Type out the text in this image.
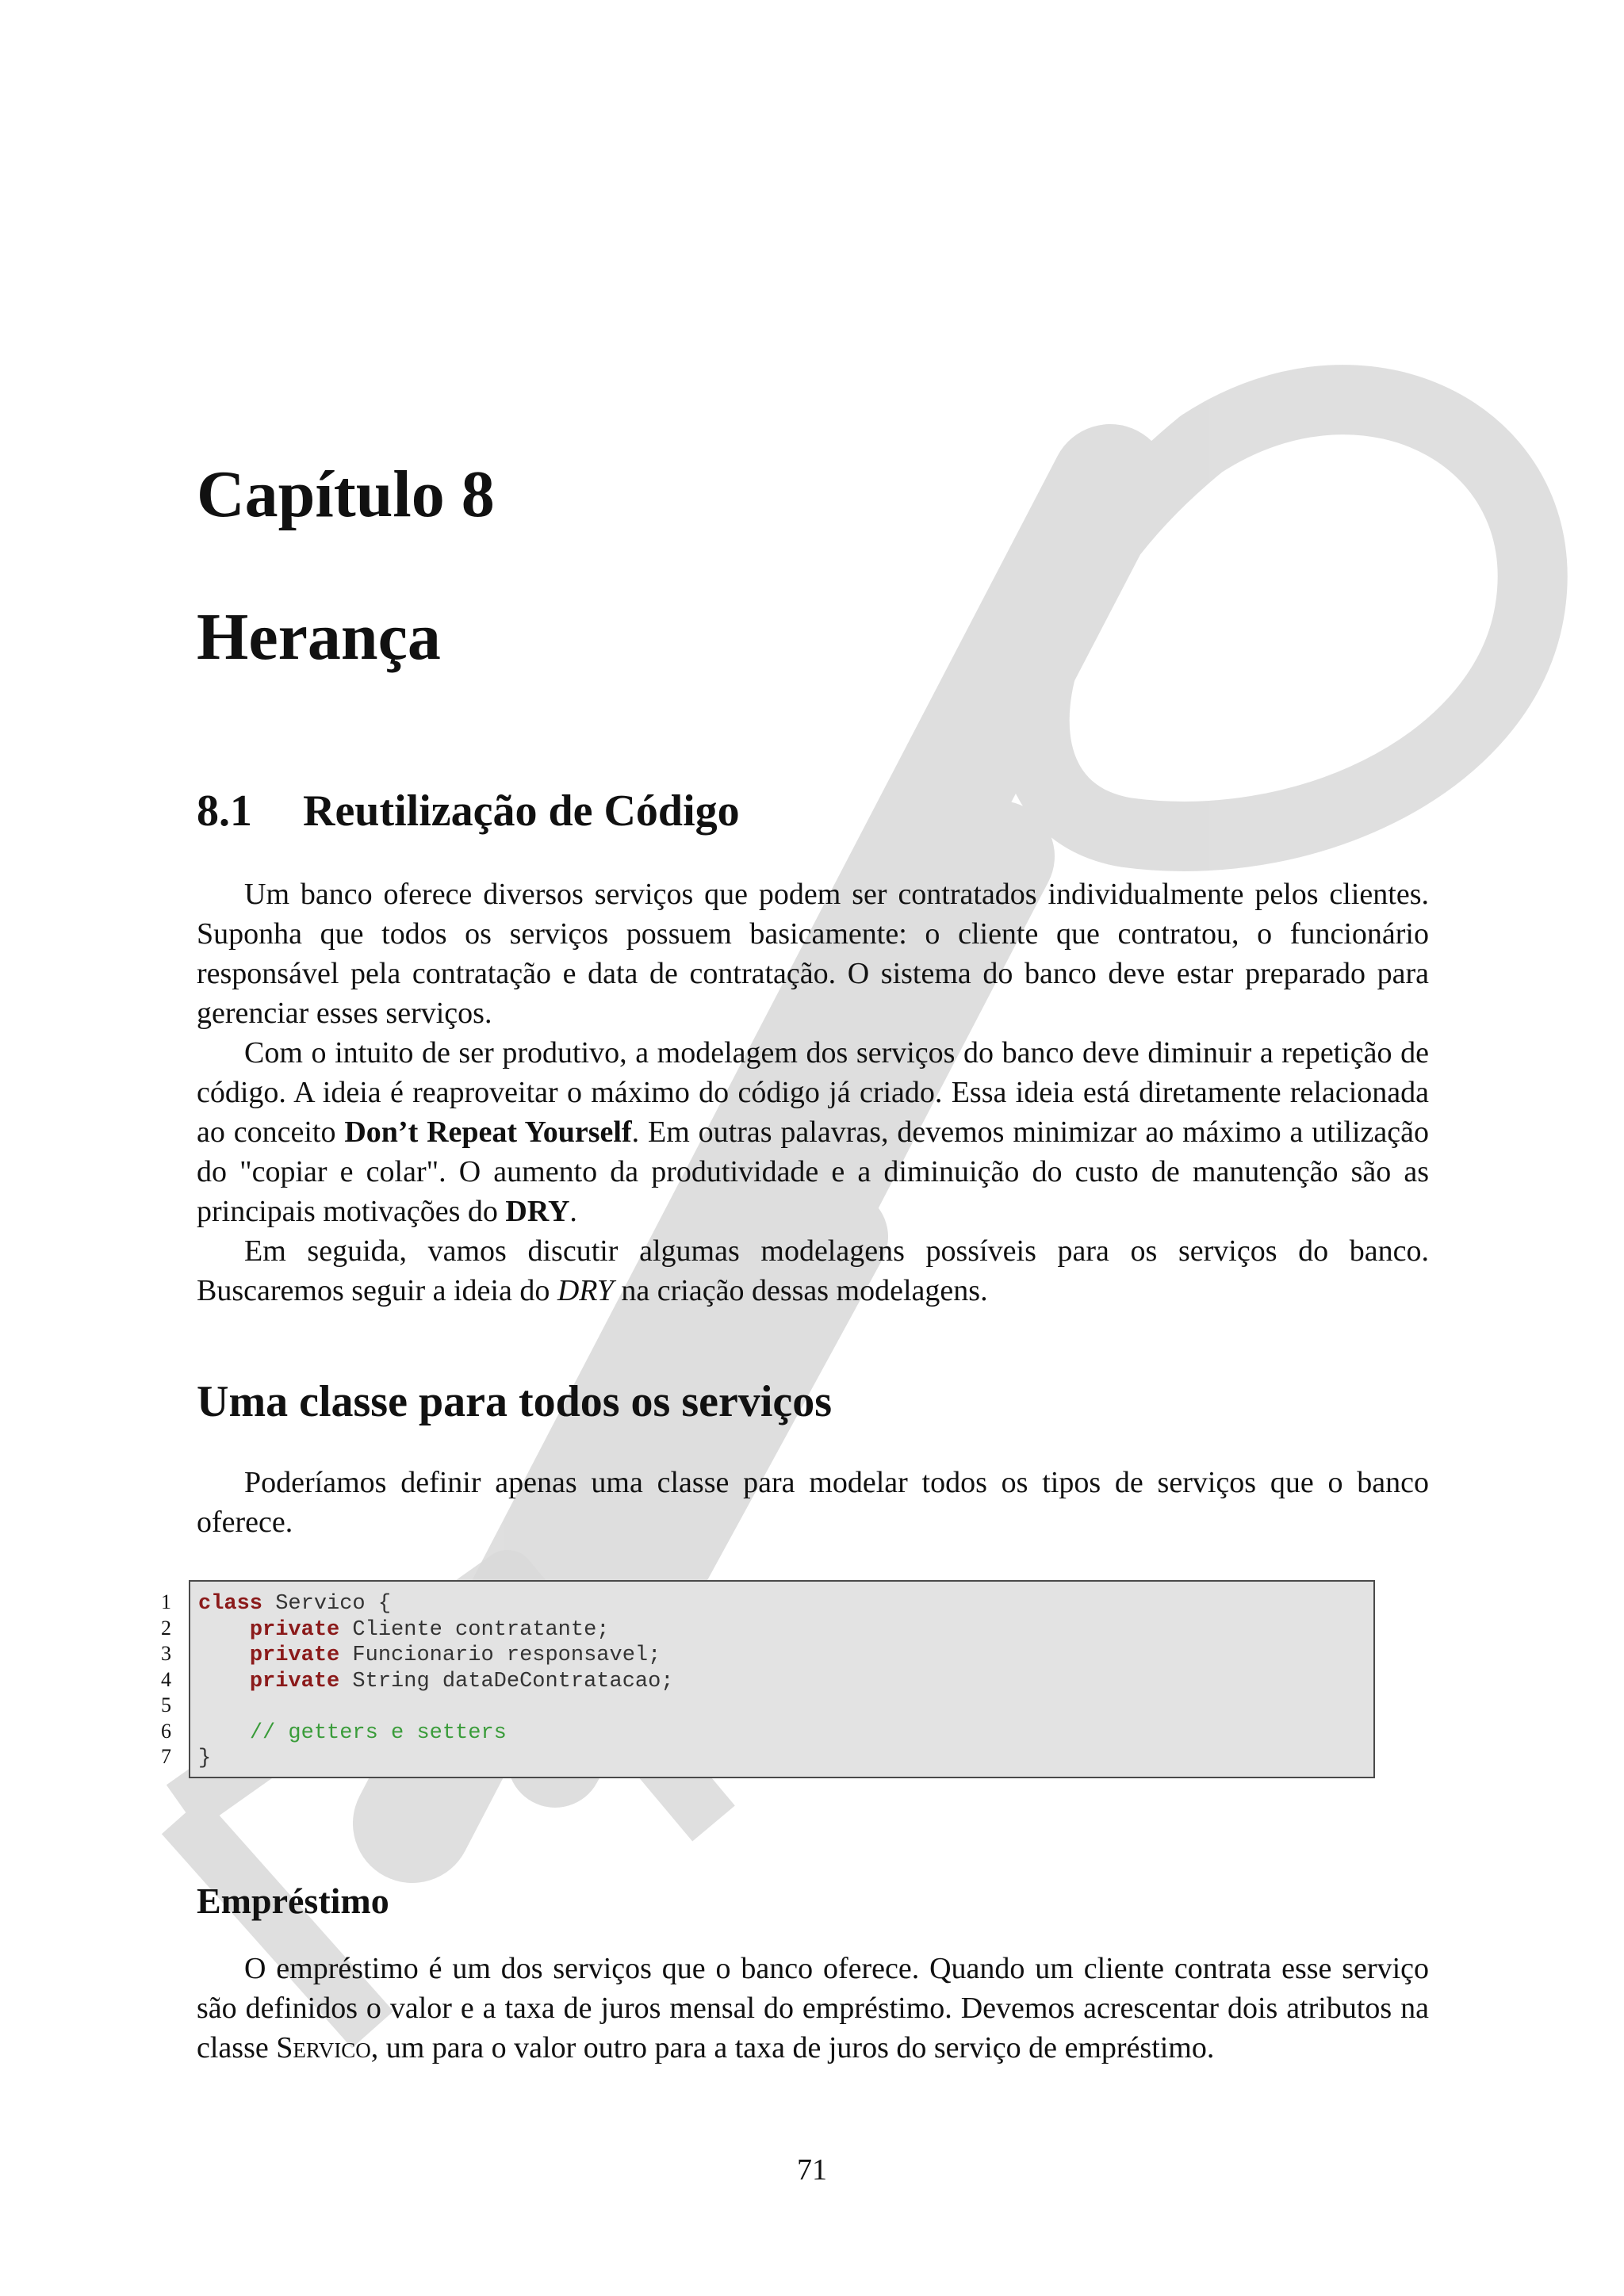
Capítulo 8
Herança
8.1 Reutilização de Código

Um banco oferece diversos serviços que podem ser contratados individualmente pelos clientes. Suponha que todos os serviços possuem basicamente: o cliente que contratou, o funcionário responsável pela contratação e data de contratação. O sistema do banco deve estar preparado para gerenciar esses serviços.

Com o intuito de ser produtivo, a modelagem dos serviços do banco deve diminuir a repetição de código. A ideia é reaproveitar o máximo do código já criado. Essa ideia está diretamente relacionada ao conceito Don’t Repeat Yourself. Em outras palavras, devemos minimizar ao máximo a utilização do "copiar e colar". O aumento da produtividade e a diminuição do custo de manutenção são as principais motivações do DRY.

Em seguida, vamos discutir algumas modelagens possíveis para os serviços do banco. Buscaremos seguir a ideia do DRY na criação dessas modelagens.

Uma classe para todos os serviços

Poderíamos definir apenas uma classe para modelar todos os tipos de serviços que o banco oferece.

1
2
3
4
5
6
7
class Servico {
private Cliente contratante;
private Funcionario responsavel;
private String dataDeContratacao;
// getters e setters
}
Empréstimo

O empréstimo é um dos serviços que o banco oferece. Quando um cliente contrata esse serviço são definidos o valor e a taxa de juros mensal do empréstimo. Devemos acrescentar dois atributos na classe Servico, um para o valor outro para a taxa de juros do serviço de empréstimo.

71
